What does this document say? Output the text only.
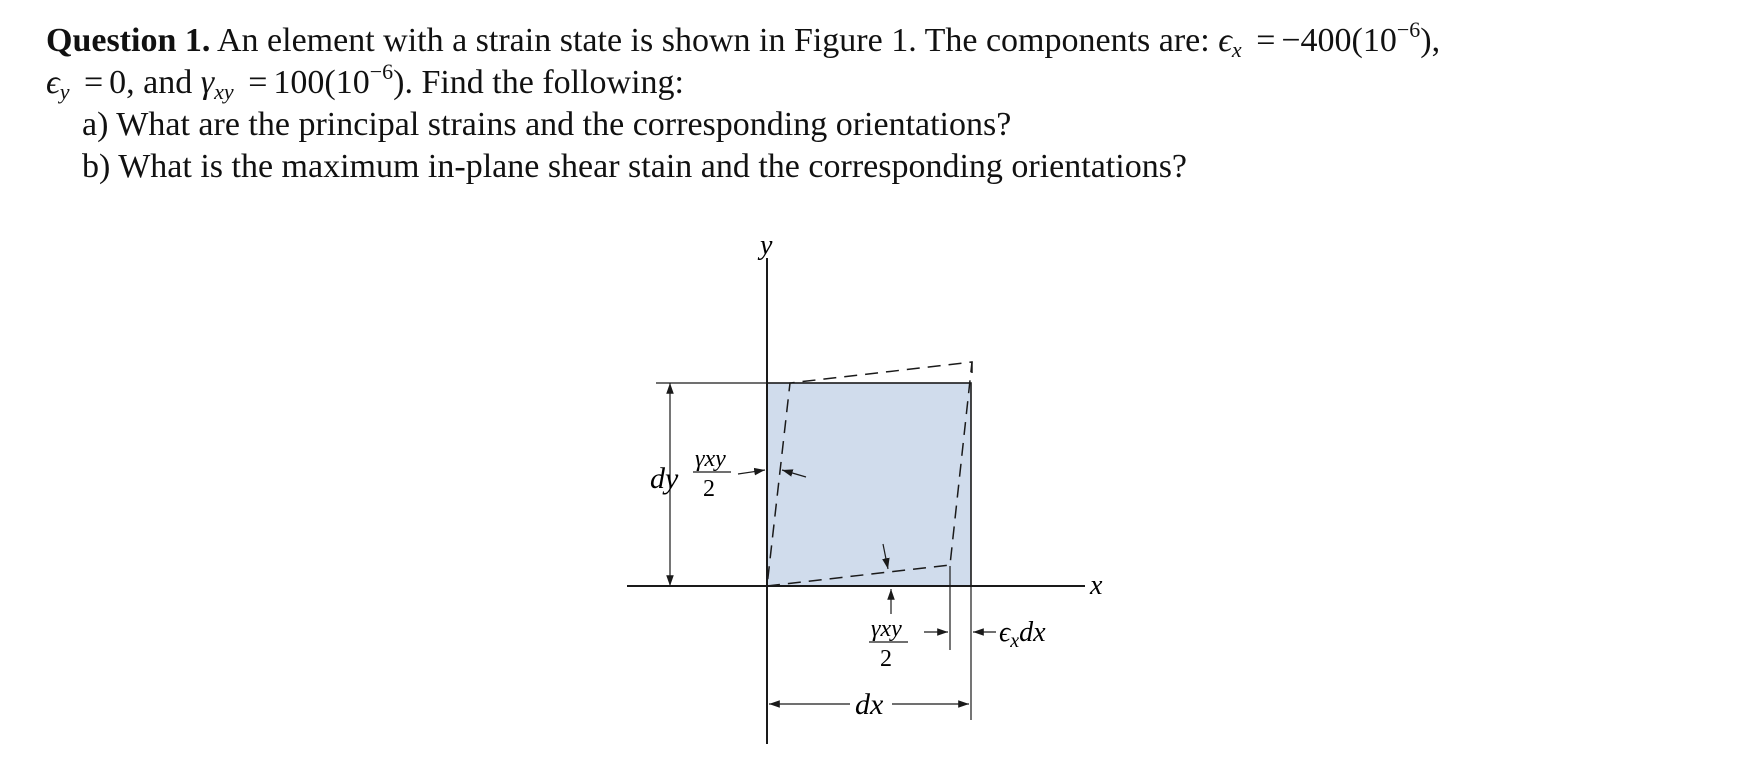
Question 1. An element with a strain state is shown in Figure 1. The components are: $\epsilon_x = -400(10^{-6})$,
$\epsilon_y = 0$, and $\gamma_{xy} = 100(10^{-6})$. Find the following:
a) What are the principal strains and the corresponding orientations?
b) What is the maximum in-plane shear stain and the corresponding orientations?
y
x
dy
γxy
2
γxy
2
$\epsilon_xdx$
dx
